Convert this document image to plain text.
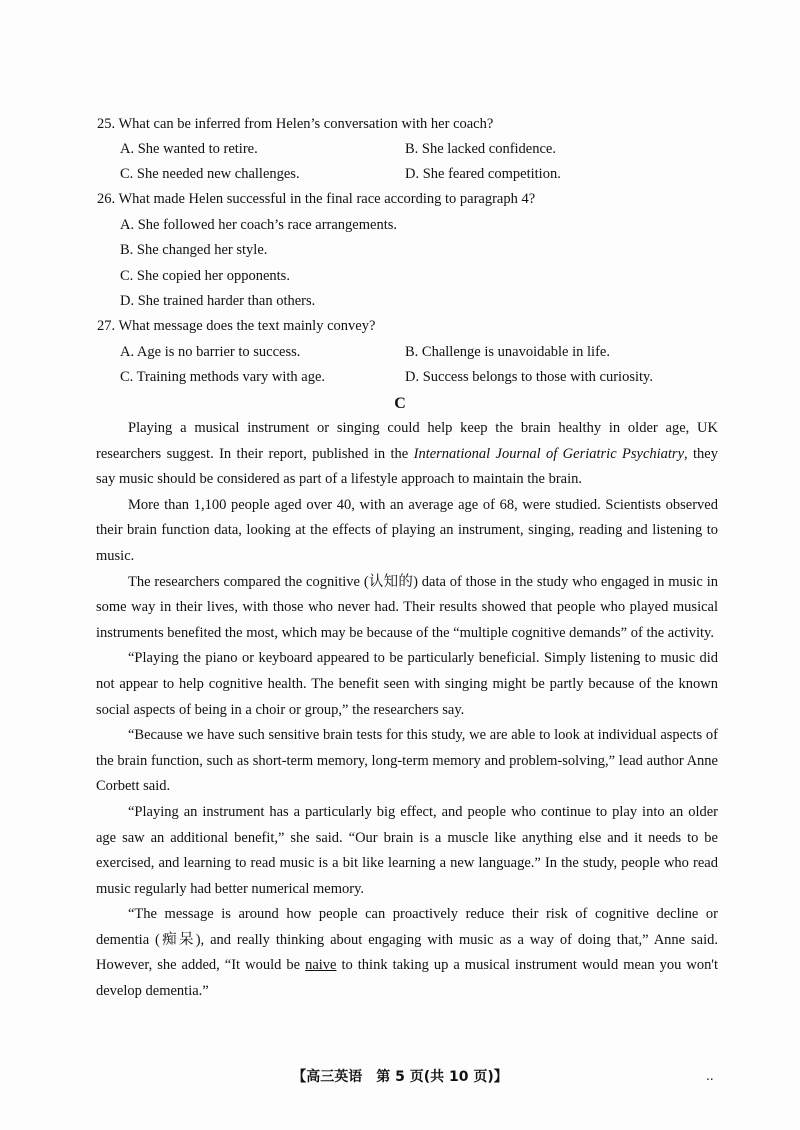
25. What can be inferred from Helen’s conversation with her coach?
A. She wanted to retire.	B. She lacked confidence.
C. She needed new challenges.	D. She feared competition.
26. What made Helen successful in the final race according to paragraph 4?
A. She followed her coach’s race arrangements.
B. She changed her style.
C. She copied her opponents.
D. She trained harder than others.
27. What message does the text mainly convey?
A. Age is no barrier to success.	B. Challenge is unavoidable in life.
C. Training methods vary with age.	D. Success belongs to those with curiosity.
C

Playing a musical instrument or singing could help keep the brain healthy in older age, UK researchers suggest. In their report, published in the International Journal of Geriatric Psychiatry, they say music should be considered as part of a lifestyle approach to maintain the brain.

More than 1,100 people aged over 40, with an average age of 68, were studied. Scientists observed their brain function data, looking at the effects of playing an instrument, singing, reading and listening to music.

The researchers compared the cognitive (认知的) data of those in the study who engaged in music in some way in their lives, with those who never had. Their results showed that people who played musical instruments benefited the most, which may be because of the “multiple cognitive demands” of the activity.

“Playing the piano or keyboard appeared to be particularly beneficial. Simply listening to music did not appear to help cognitive health. The benefit seen with singing might be partly because of the known social aspects of being in a choir or group,” the researchers say.

“Because we have such sensitive brain tests for this study, we are able to look at individual aspects of the brain function, such as short-term memory, long-term memory and problem-solving,” lead author Anne Corbett said.

“Playing an instrument has a particularly big effect, and people who continue to play into an older age saw an additional benefit,” she said. “Our brain is a muscle like anything else and it needs to be exercised, and learning to read music is a bit like learning a new language.” In the study, people who read music regularly had better numerical memory.

“The message is around how people can proactively reduce their risk of cognitive decline or dementia (痴呆), and really thinking about engaging with music as a way of doing that,” Anne said. However, she added, “It would be naive to think taking up a musical instrument would mean you won't develop dementia.”

【高三英语　第 5 页(共 10 页)】	..
